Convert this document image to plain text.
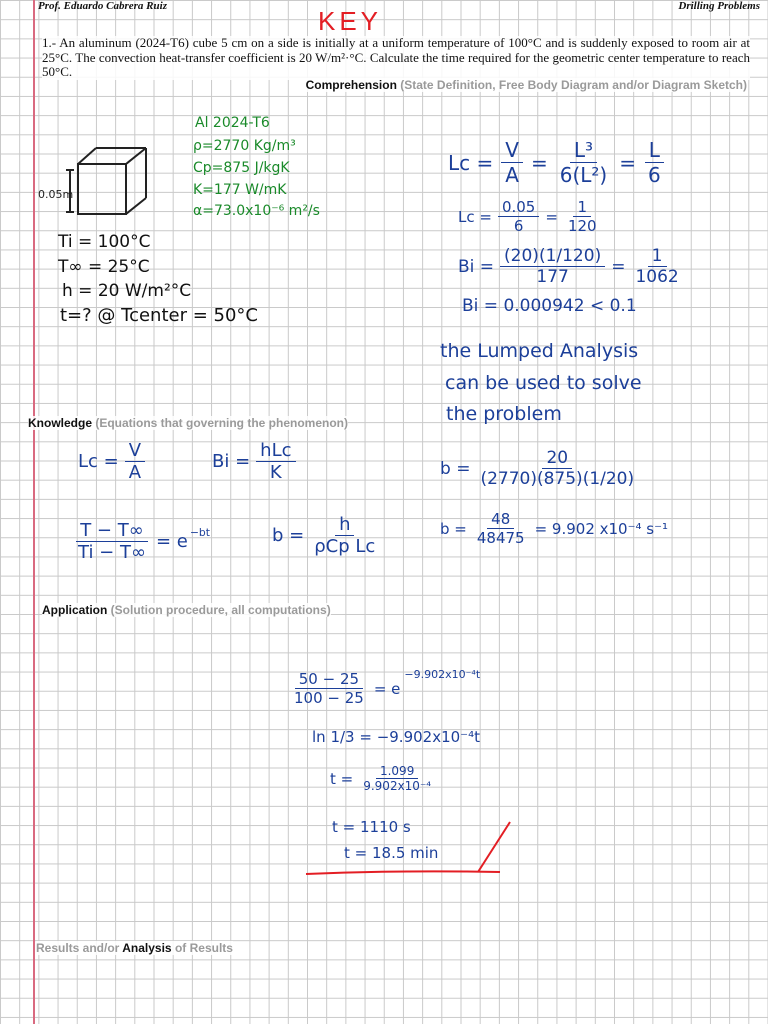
Prof. Eduardo Cabrera Ruiz	Drilling Problems
KEY
1.- An aluminum (2024-T6) cube 5 cm on a side is initially at a uniform temperature of 100°C and is suddenly exposed to room air at 25°C. The convection heat-transfer coefficient is 20 W/m²·°C. Calculate the time required for the geometric center temperature to reach 50°C.
Comprehension (State Definition, Free Body Diagram and/or Diagram Sketch)
0.05m
Al 2024-T6
ρ=2770 Kg/m³
Cp=875 J/kgK
K=177 W/mK
α=73.0x10⁻⁶ m²/s
Ti = 100°C
T∞ = 25°C
h = 20 W/m²°C
t=? @ Tcenter = 50°C
$Lc = \frac{V}{A} = \frac{\text{L³}}{\text{6(L²)}} = \frac{L}{6}$
$Lc = \frac{0.05}{6} = \frac{1}{120}$
$Bi = \frac{(20)(1/120)}{177} = \frac{1}{1062}$
Bi = 0.000942 < 0.1
the Lumped Analysis
can be used to solve
the problem
Knowledge (Equations that governing the phenomenon)
$b = \frac{20}{(2770)(875)(1/20)}$
$b = \frac{48}{48475} = 9.902$ x10⁻⁴ s⁻¹
$Lc = \frac{V}{A}$	$Bi = \frac{\text{hLc}}{K}$
$\frac{T - T\infty}{Ti - T\infty} = e^{-bt}$	$b = \frac{h}{\text{ρCp Lc}}$
Application (Solution procedure, all computations)
$\frac{50 - 25}{100 - 25} = e$
$^{-9.902x10^{-4}t}$
ln 1/3 = −9.902x10⁻⁴t
$t = \frac{1.099}{\text{9.902x10⁻⁴}}$
t = 1110 s
t = 18.5 min
Results and/or Analysis of Results
